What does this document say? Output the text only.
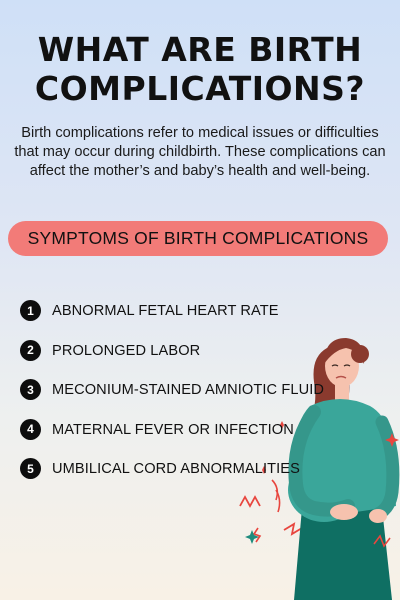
WHAT ARE BIRTH
COMPLICATIONS?

Birth complications refer to medical issues or difficulties that may occur during childbirth. These complications can affect the mother’s and baby’s health and well-being.

SYMPTOMS OF BIRTH COMPLICATIONS
1	ABNORMAL FETAL HEART RATE
2	PROLONGED LABOR
3	MECONIUM-STAINED AMNIOTIC FLUID
4	MATERNAL FEVER OR INFECTION
5	UMBILICAL CORD ABNORMALITIES
